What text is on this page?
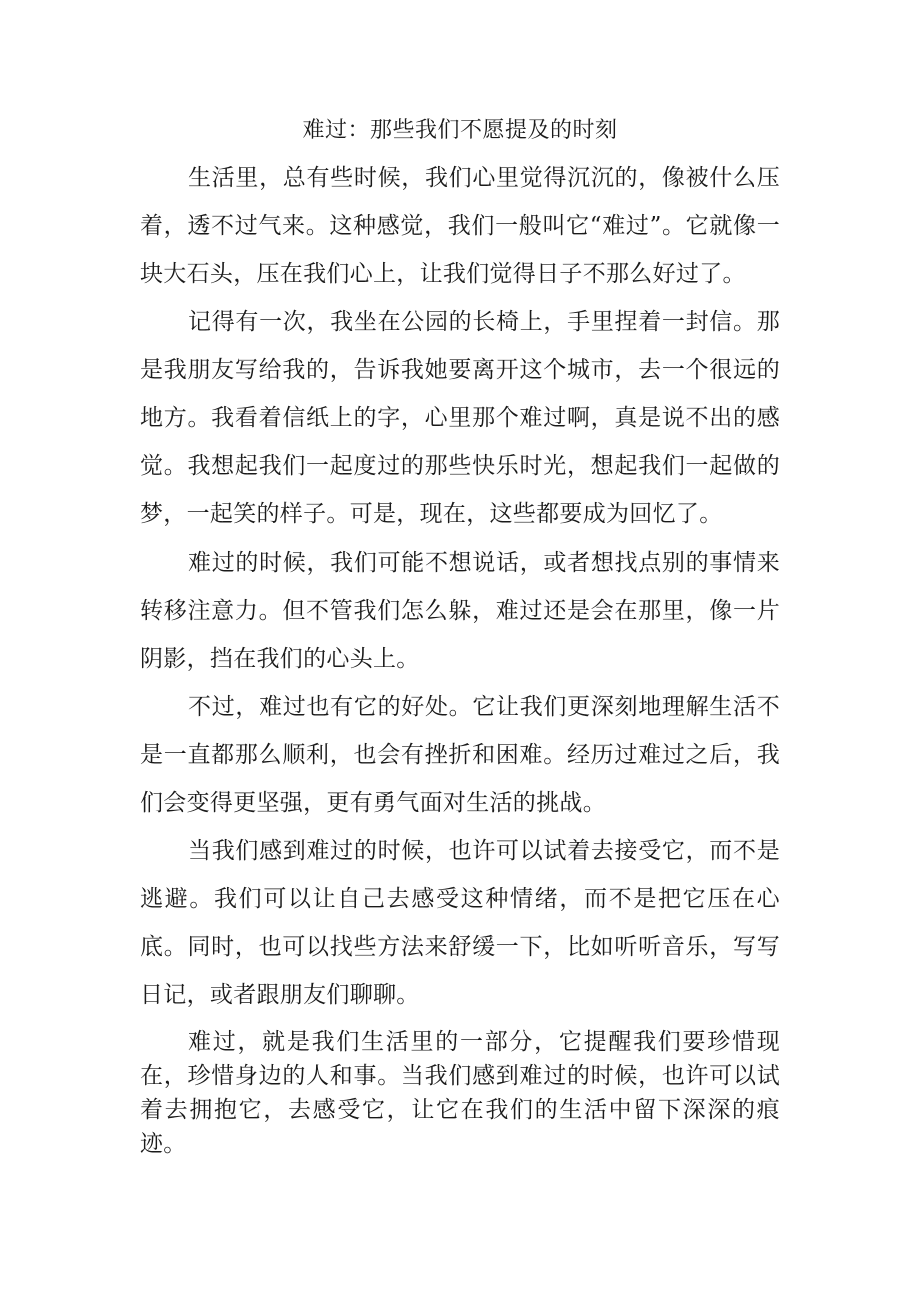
难过：那些我们不愿提及的时刻

生活里，总有些时候，我们心里觉得沉沉的，像被什么压着，透不过气来。这种感觉，我们一般叫它“难过”。它就像一块大石头，压在我们心上，让我们觉得日子不那么好过了。

记得有一次，我坐在公园的长椅上，手里捏着一封信。那是我朋友写给我的，告诉我她要离开这个城市，去一个很远的地方。我看着信纸上的字，心里那个难过啊，真是说不出的感觉。我想起我们一起度过的那些快乐时光，想起我们一起做的梦，一起笑的样子。可是，现在，这些都要成为回忆了。

难过的时候，我们可能不想说话，或者想找点别的事情来转移注意力。但不管我们怎么躲，难过还是会在那里，像一片阴影，挡在我们的心头上。

不过，难过也有它的好处。它让我们更深刻地理解生活不是一直都那么顺利，也会有挫折和困难。经历过难过之后，我们会变得更坚强，更有勇气面对生活的挑战。

当我们感到难过的时候，也许可以试着去接受它，而不是逃避。我们可以让自己去感受这种情绪，而不是把它压在心底。同时，也可以找些方法来舒缓一下，比如听听音乐，写写日记，或者跟朋友们聊聊。

难过，就是我们生活里的一部分，它提醒我们要珍惜现在，珍惜身边的人和事。当我们感到难过的时候，也许可以试着去拥抱它，去感受它，让它在我们的生活中留下深深的痕迹。
